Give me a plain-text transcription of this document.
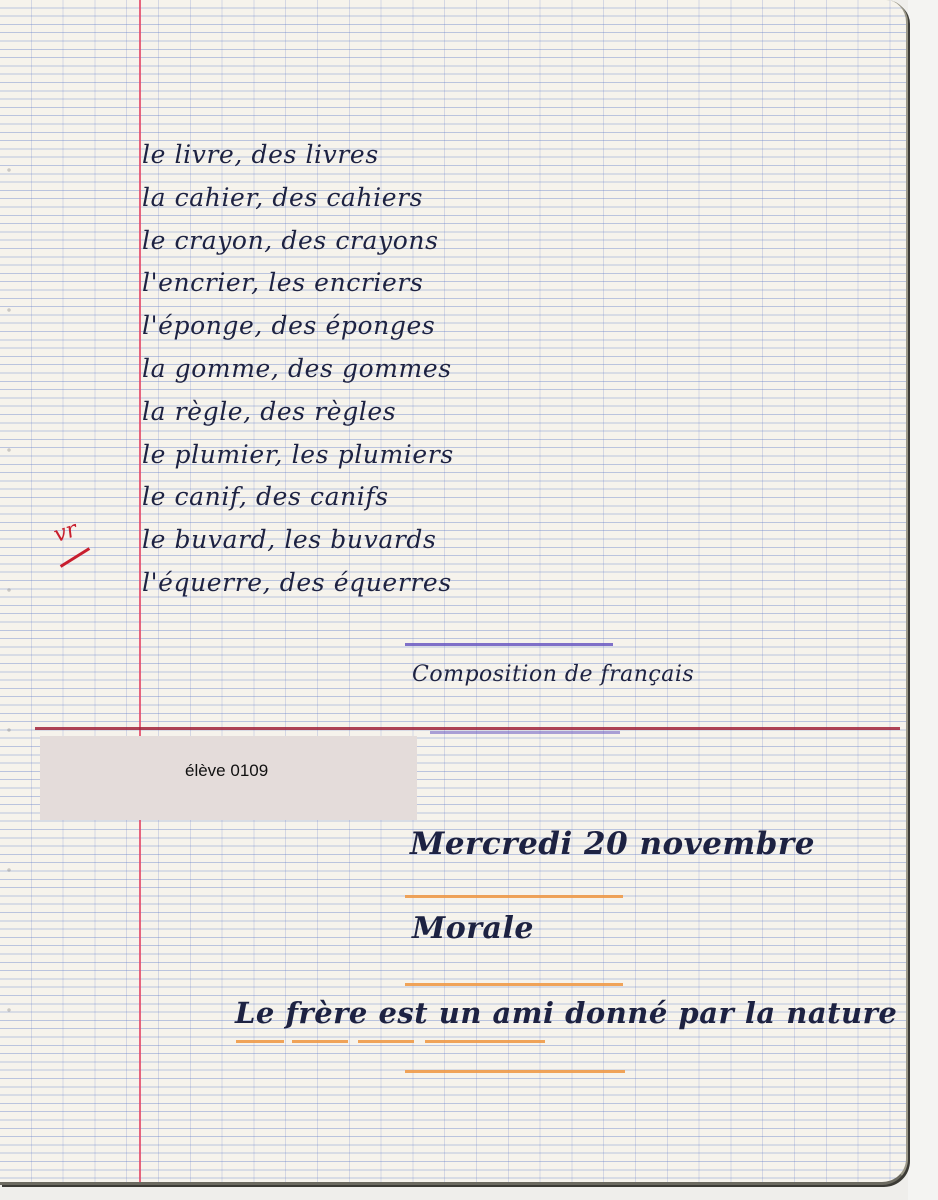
le livre, des livres
la cahier, des cahiers
le crayon, des crayons
l'encrier, les encriers
l'éponge, des éponges
la gomme, des gommes
la règle, des règles
le plumier, les plumiers
le canif, des canifs
le buvard, les buvards
l'équerre, des équerres
vr

Composition de français

Mercredi 20 novembre

Morale

Le frère est un ami donné par la nature

élève 0109
